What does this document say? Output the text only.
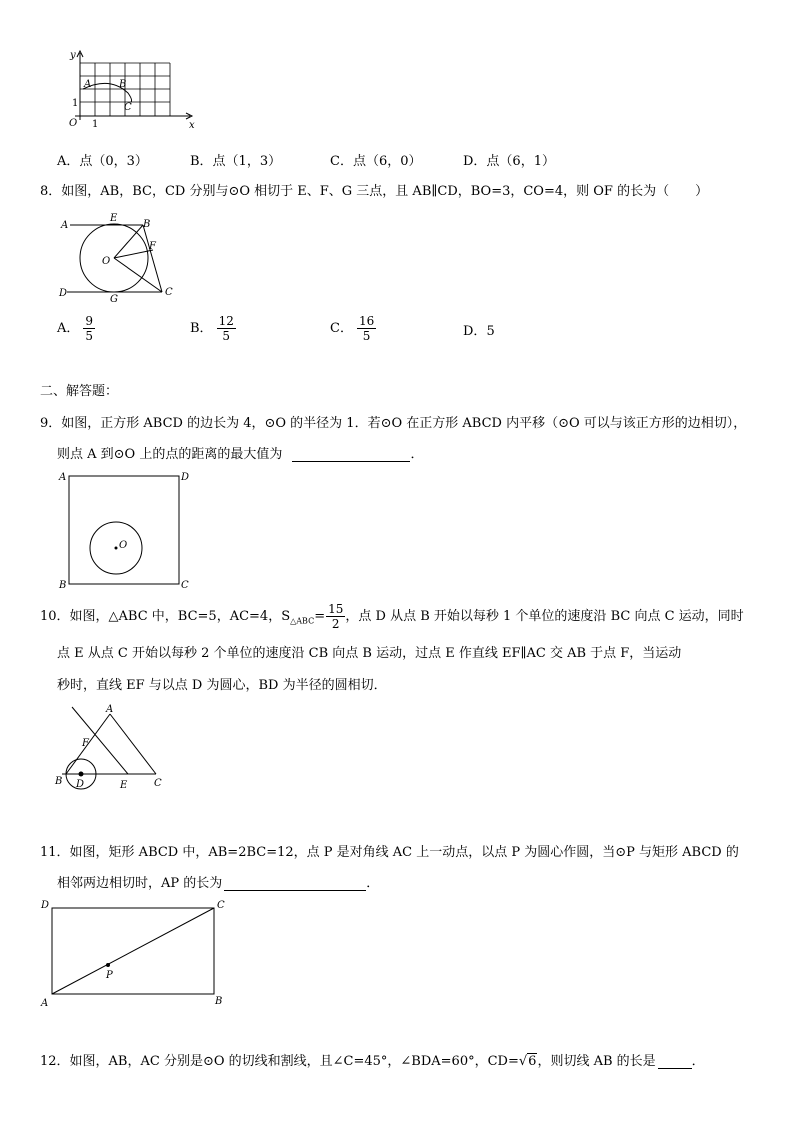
y
x
O
1
1
A	B
C
A．点（0，3）	B．点（1，3）	C．点（6，0）	D．点（6，1）
8．如图，AB，BC，CD 分别与⊙O 相切于 E、F、G 三点，且 AB∥CD，BO=3，CO=4，则 OF 的长为（　　）
A
E
B
F
O
D
G
C
A． $\frac{9}{5}$	B． $\frac{12}{5}$	C． $\frac{16}{5}$	D．5
二、解答题：
9．如图，正方形 ABCD 的边长为 4，⊙O 的半径为 1．若⊙O 在正方形 ABCD 内平移（⊙O 可以与该正方形的边相切），
则点 A 到⊙O 上的点的距离的最大值为	．
A	D
O
B	C
10．如图，△ABC 中，BC=5，AC=4，$S_{\triangle ABC}= \frac{15}{2}$ ，点 D 从点 B 开始以每秒 1 个单位的速度沿 BC 向点 C 运动，同时
点 E 从点 C 开始以每秒 2 个单位的速度沿 CB 向点 B 运动，过点 E 作直线 EF∥AC 交 AB 于点 F，当运动
秒时，直线 EF 与以点 D 为圆心，BD 为半径的圆相切．
A
F
B D	E	C
11．如图，矩形 ABCD 中，AB=2BC=12，点 P 是对角线 AC 上一动点，以点 P 为圆心作圆，当⊙P 与矩形 ABCD 的
相邻两边相切时，AP 的长为	．
D	C
P
A	B
12．如图，AB，AC 分别是⊙O 的切线和割线，且∠C=45°，∠BDA=60°，CD=√6，则切线 AB 的长是	．
